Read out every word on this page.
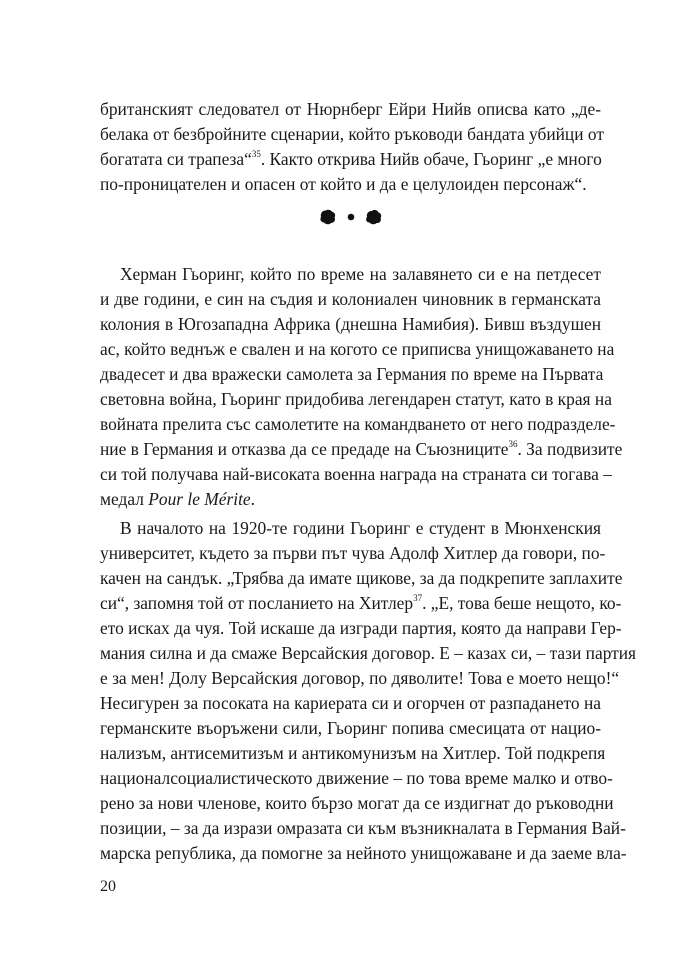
британският следовател от Нюрнберг Ейри Нийв описва като „де-
белака от безбройните сценарии, който ръководи бандата убийци от
богатата си трапеза“$^{35}$. Както открива Нийв обаче, Гьоринг „е много
по-проницателен и опасен от който и да е целулоиден персонаж“.
Херман Гьоринг, който по време на залавянето си е на петдесет
и две години, е син на съдия и колониален чиновник в германската
колония в Югозападна Африка (днешна Намибия). Бивш въздушен
ас, който веднъж е свален и на когото се приписва унищожаването на
двадесет и два вражески самолета за Германия по време на Първата
световна война, Гьоринг придобива легендарен статут, като в края на
войната прелита със самолетите на командването от него подразделе-
ние в Германия и отказва да се предаде на Съюзниците$^{36}$. За подвизите
си той получава най-високата военна награда на страната си тогава –
медал Pour le Mérite.
В началото на 1920-те години Гьоринг е студент в Мюнхенския
университет, където за първи път чува Адолф Хитлер да говори, по-
качен на сандък. „Трябва да имате щикове, за да подкрепите заплахите
си“, запомня той от посланието на Хитлер$^{37}$. „Е, това беше нещото, ко-
ето исках да чуя. Той искаше да изгради партия, която да направи Гер-
мания силна и да смаже Версайския договор. Е – казах си, – тази партия
е за мен! Долу Версайския договор, по дяволите! Това е моето нещо!“
Несигурен за посоката на кариерата си и огорчен от разпадането на
германските въоръжени сили, Гьоринг попива смесицата от нацио-
нализъм, антисемитизъм и антикомунизъм на Хитлер. Той подкрепя
националсоциалистическото движение – по това време малко и отво-
рено за нови членове, които бързо могат да се издигнат до ръководни
позиции, – за да изрази омразата си към възникналата в Германия Вай-
марска република, да помогне за нейното унищожаване и да заеме вла-
20
